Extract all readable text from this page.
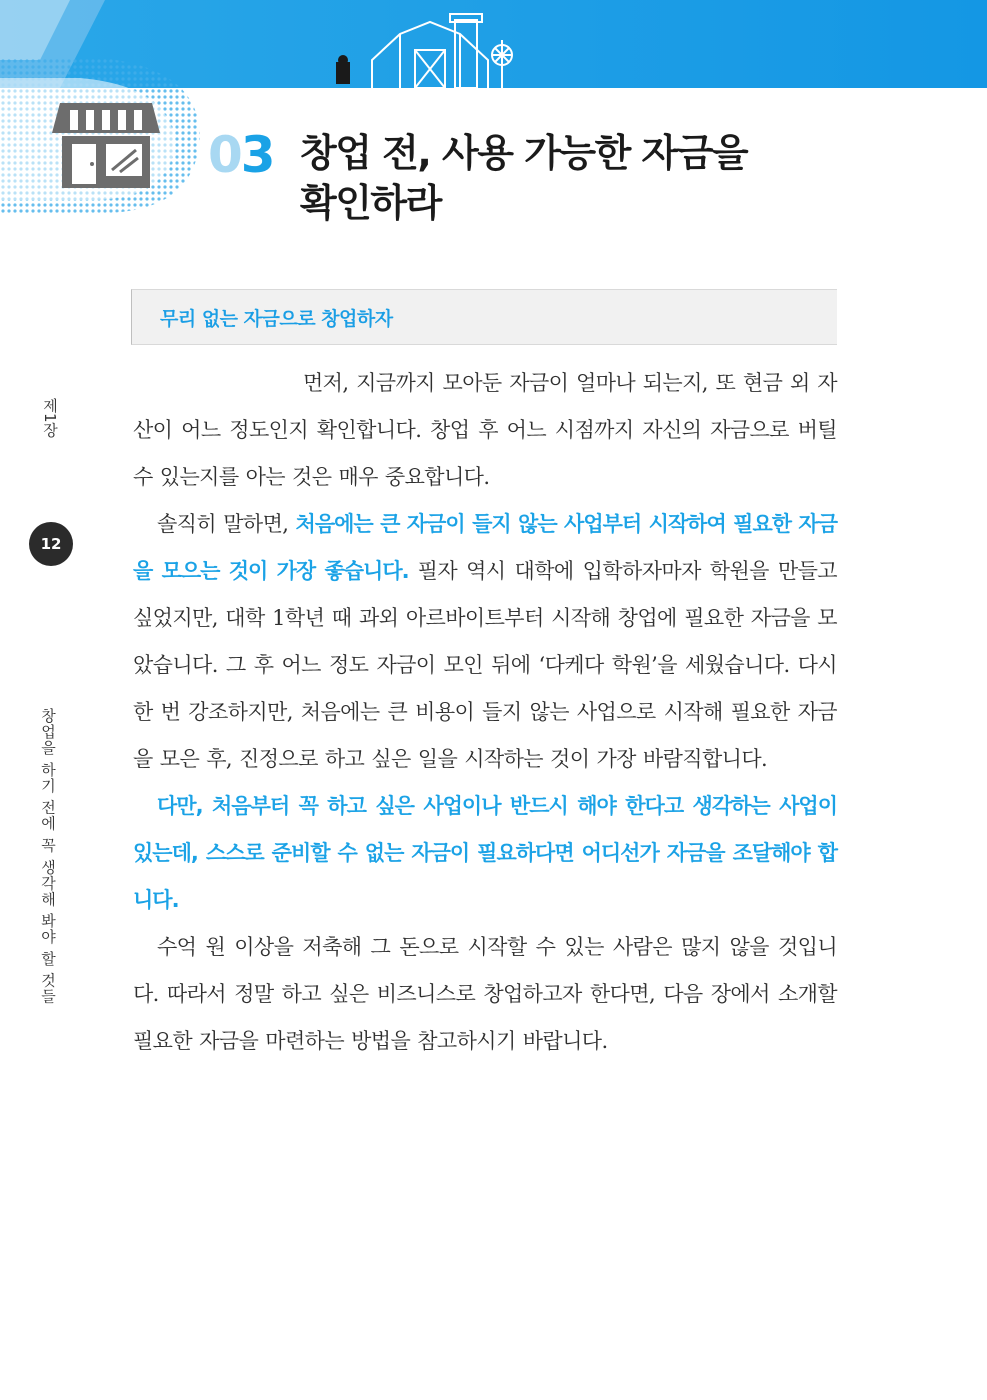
03 창업 전, 사용 가능한 자금을
확인하라
무리 없는 자금으로 창업하자

먼저, 지금까지 모아둔 자금이 얼마나 되는지, 또 현금 외 자산이 어느 정도인지 확인합니다. 창업 후 어느 시점까지 자신의 자금으로 버틸 수 있는지를 아는 것은 매우 중요합니다.

솔직히 말하면, 처음에는 큰 자금이 들지 않는 사업부터 시작하여 필요한 자금을 모으는 것이 가장 좋습니다. 필자 역시 대학에 입학하자마자 학원을 만들고 싶었지만, 대학 1학년 때 과외 아르바이트부터 시작해 창업에 필요한 자금을 모았습니다. 그 후 어느 정도 자금이 모인 뒤에 ‘다케다 학원’을 세웠습니다. 다시 한 번 강조하지만, 처음에는 큰 비용이 들지 않는 사업으로 시작해 필요한 자금을 모은 후, 진정으로 하고 싶은 일을 시작하는 것이 가장 바람직합니다.

다만, 처음부터 꼭 하고 싶은 사업이나 반드시 해야 한다고 생각하는 사업이 있는데, 스스로 준비할 수 없는 자금이 필요하다면 어디선가 자금을 조달해야 합니다.

수억 원 이상을 저축해 그 돈으로 시작할 수 있는 사람은 많지 않을 것입니다. 따라서 정말 하고 싶은 비즈니스로 창업하고자 한다면, 다음 장에서 소개할 필요한 자금을 마련하는 방법을 참고하시기 바랍니다.

제1장
12
창업을 하기 전에 꼭 생각해 봐야 할 것들
